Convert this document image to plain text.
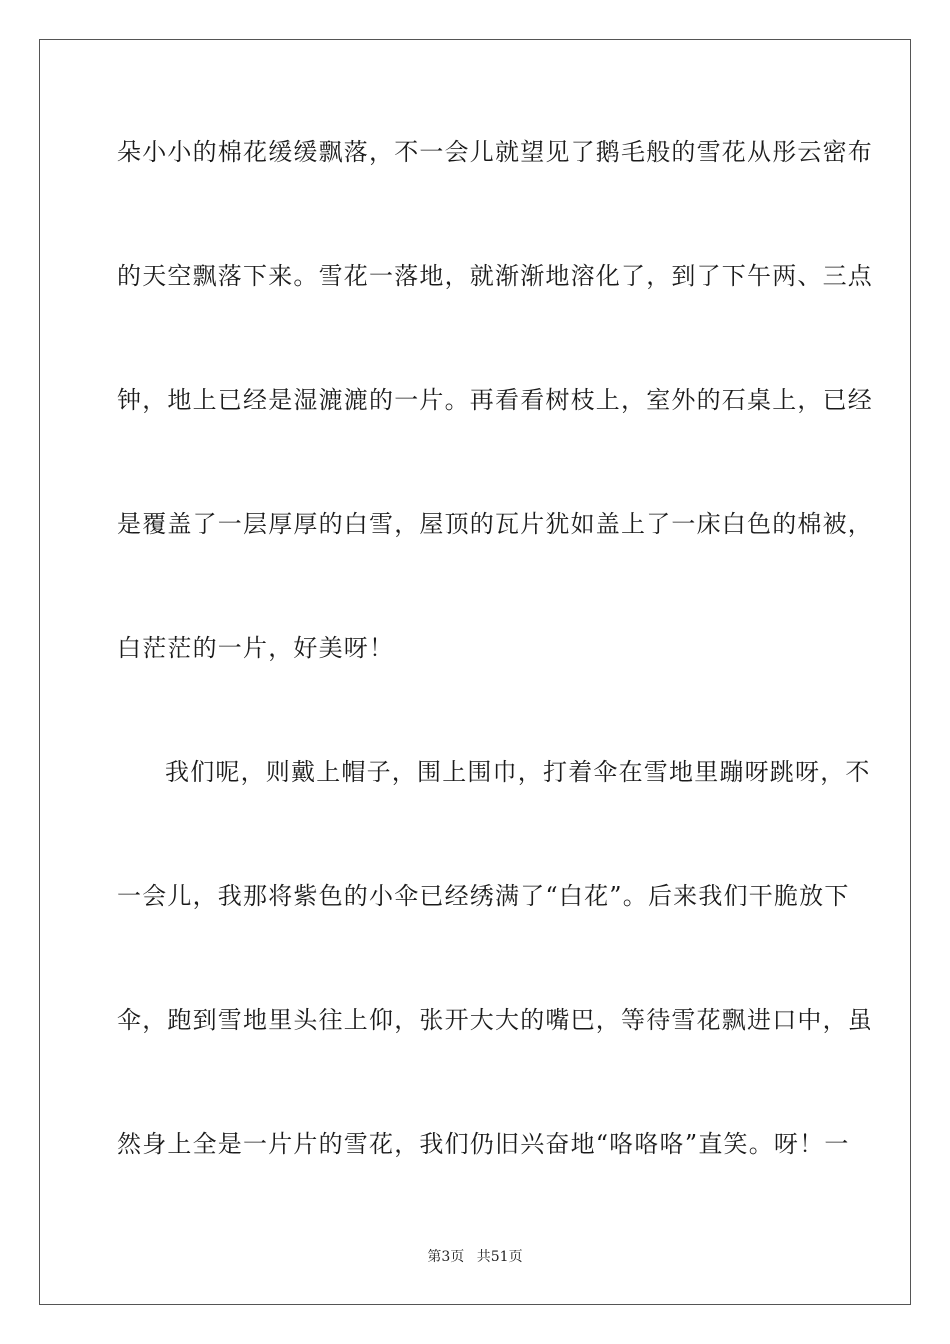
朵小小的棉花缓缓飘落，不一会儿就望见了鹅毛般的雪花从彤云密布
的天空飘落下来。雪花一落地，就渐渐地溶化了，到了下午两、三点
钟，地上已经是湿漉漉的一片。再看看树枝上，室外的石桌上，已经
是覆盖了一层厚厚的白雪，屋顶的瓦片犹如盖上了一床白色的棉被，
白茫茫的一片，好美呀！
我们呢，则戴上帽子，围上围巾，打着伞在雪地里蹦呀跳呀，不
一会儿，我那将紫色的小伞已经绣满了“白花”。后来我们干脆放下
伞，跑到雪地里头往上仰，张开大大的嘴巴，等待雪花飘进口中，虽
然身上全是一片片的雪花，我们仍旧兴奋地“咯咯咯”直笑。呀！一
第3页 共51页
